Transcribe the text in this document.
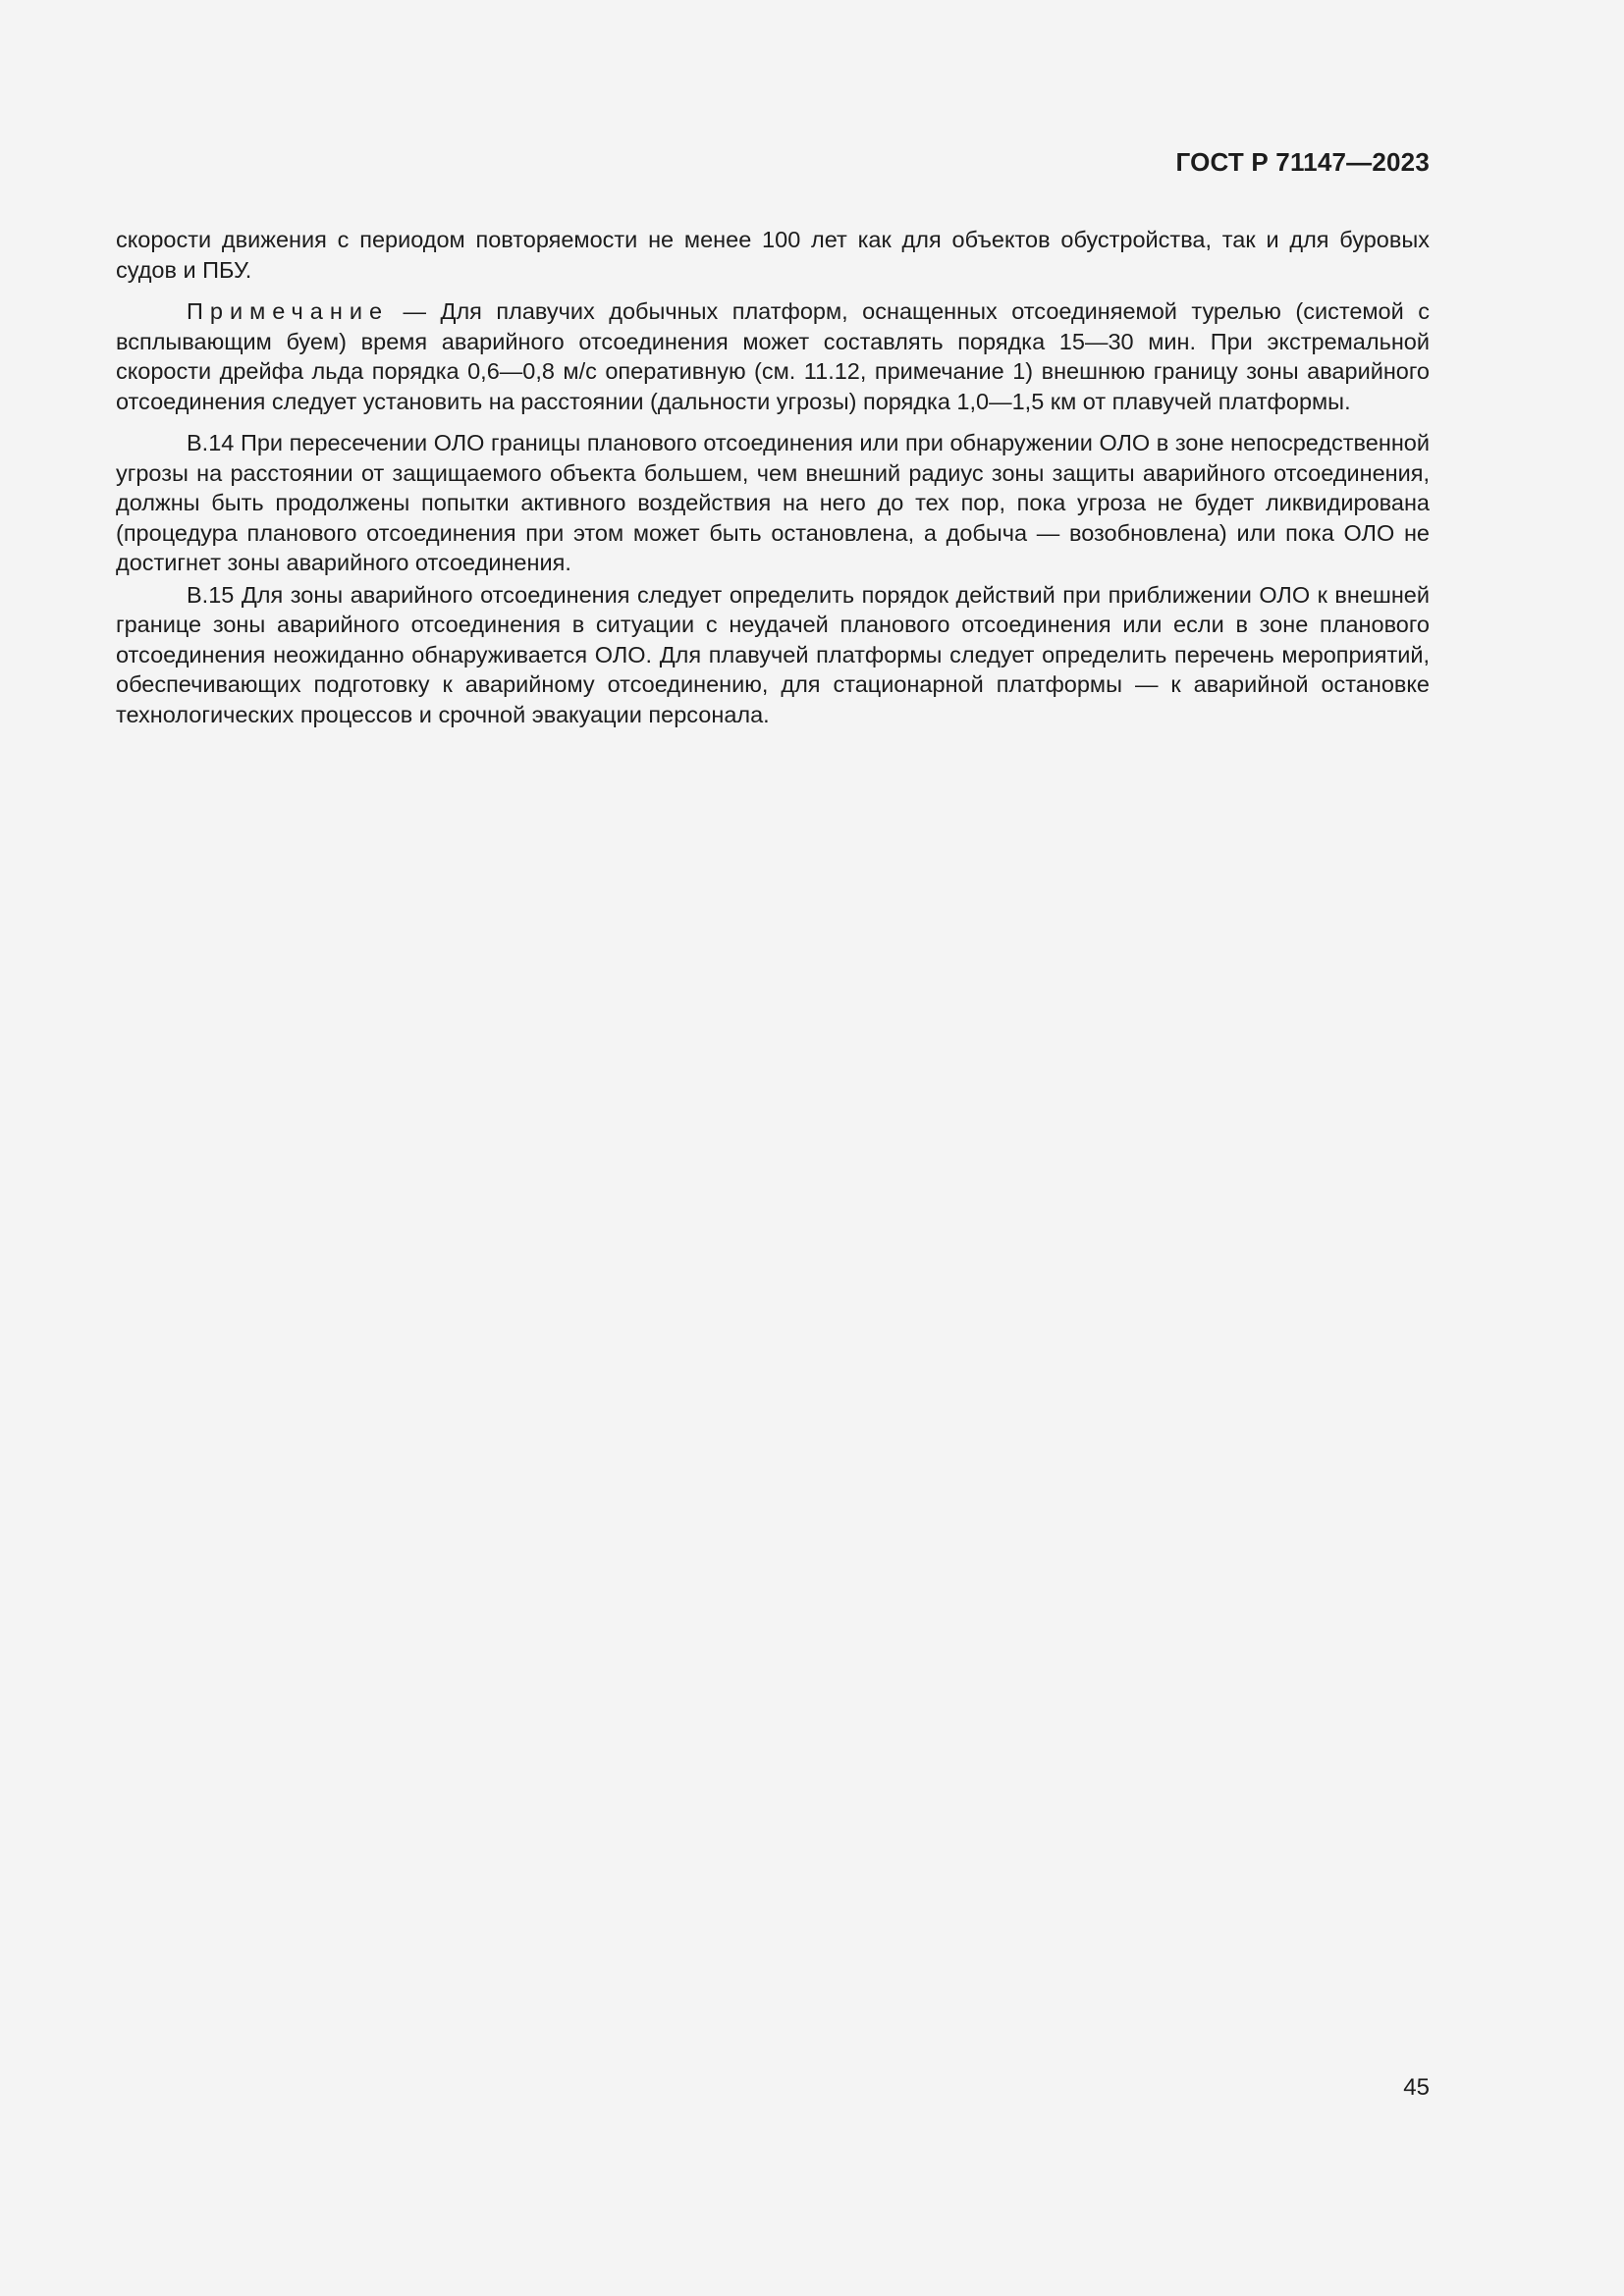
ГОСТ Р 71147—2023

скорости движения с периодом повторяемости не менее 100 лет как для объектов обустройства, так и для буровых судов и ПБУ.

Примечание — Для плавучих добычных платформ, оснащенных отсоединяемой турелью (системой с всплывающим буем) время аварийного отсоединения может составлять порядка 15—30 мин. При экстремальной скорости дрейфа льда порядка 0,6—0,8 м/с оперативную (см. 11.12, примечание 1) внешнюю границу зоны аварийного отсоединения следует установить на расстоянии (дальности угрозы) порядка 1,0—1,5 км от плавучей платформы.

В.14 При пересечении ОЛО границы планового отсоединения или при обнаружении ОЛО в зоне непосредственной угрозы на расстоянии от защищаемого объекта большем, чем внешний радиус зоны защиты аварийного отсоединения, должны быть продолжены попытки активного воздействия на него до тех пор, пока угроза не будет ликвидирована (процедура планового отсоединения при этом может быть остановлена, а добыча — возобновлена) или пока ОЛО не достигнет зоны аварийного отсоединения.

В.15 Для зоны аварийного отсоединения следует определить порядок действий при приближении ОЛО к внешней границе зоны аварийного отсоединения в ситуации с неудачей планового отсоединения или если в зоне планового отсоединения неожиданно обнаруживается ОЛО. Для плавучей платформы следует определить перечень мероприятий, обеспечивающих подготовку к аварийному отсоединению, для стационарной платформы — к аварийной остановке технологических процессов и срочной эвакуации персонала.

45
